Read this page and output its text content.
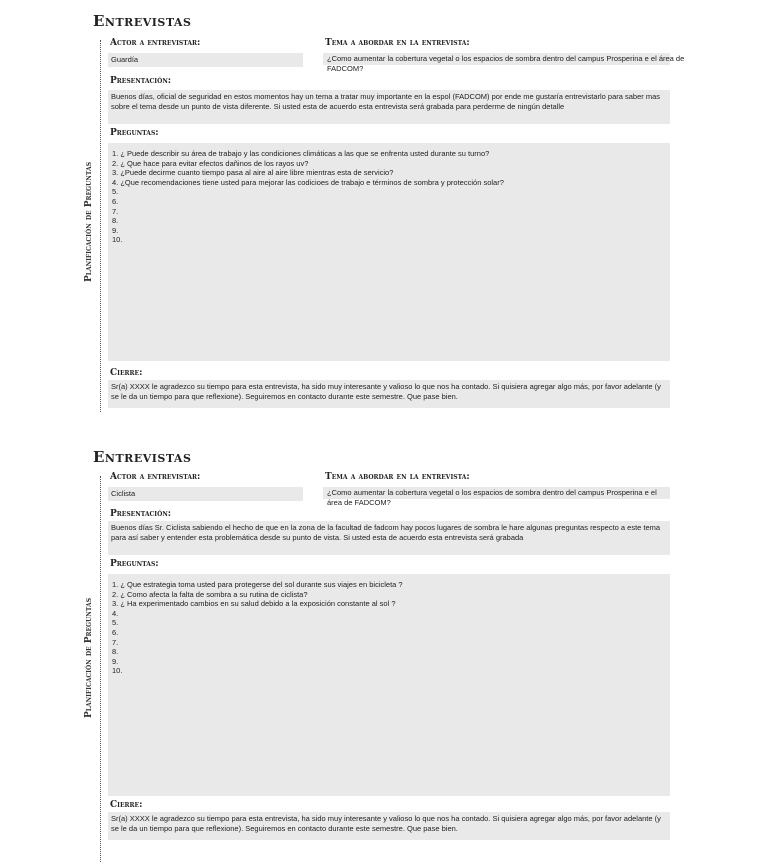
Entrevistas
Planificación de Preguntas
Actor a entrevistar:
Guardía
Tema a abordar en la entrevista:
¿Como aumentar la cobertura vegetal o los espacios de sombra dentro del campus Prosperina e el área de FADCOM?
Presentación:
Buenos días, oficial de seguridad en estos momentos hay un tema a tratar muy importante en la espol (FADCOM) por ende me gustaría entrevistarlo para saber mas sobre el tema desde un punto de vista diferente. Si usted esta de acuerdo esta entrevista será grabada para perderme de ningún detalle
Preguntas:
1. ¿ Puede describir su área de trabajo y las condiciones climáticas a las que se enfrenta usted durante su turno?
2. ¿ Que hace para evitar efectos dañinos de los rayos uv?
3. ¿Puede decirme cuanto tiempo pasa al aire al aire libre mientras esta de servicio?
4. ¿Que recomendaciones tiene usted para mejorar las codicioes de trabajo e términos de sombra y protección solar?
5.
6.
7.
8.
9.
10.
Cierre:
Sr(a) XXXX le agradezco su tiempo para esta entrevista, ha sido muy interesante y valioso lo que nos ha contado. Si quisiera agregar algo más, por favor adelante (y se le da un tiempo para que reflexione). Seguiremos en contacto durante este semestre. Que pase bien.
Entrevistas
Planificación de Preguntas
Actor a entrevistar:
Ciclista
Tema a abordar en la entrevista:
¿Como aumentar la cobertura vegetal o los espacios de sombra dentro del campus Prosperina e el área de FADCOM?
Presentación:
Buenos días Sr. Ciclista sabiendo el hecho de que en la zona de la facultad de fadcom hay pocos lugares de sombra le hare algunas preguntas respecto a este tema para así saber y entender esta problemática desde su punto de vista. Si usted esta de acuerdo esta entrevista será grabada
Preguntas:
1. ¿ Que estrategia toma usted para protegerse del sol durante sus viajes en bicicleta ?
2. ¿ Como afecta la falta de sombra a su rutina de ciclista?
3. ¿ Ha experimentado cambios en su salud debido a la exposición constante al sol ?
4.
5.
6.
7.
8.
9.
10.
Cierre:
Sr(a) XXXX le agradezco su tiempo para esta entrevista, ha sido muy interesante y valioso lo que nos ha contado. Si quisiera agregar algo más, por favor adelante (y se le da un tiempo para que reflexione). Seguiremos en contacto durante este semestre. Que pase bien.
